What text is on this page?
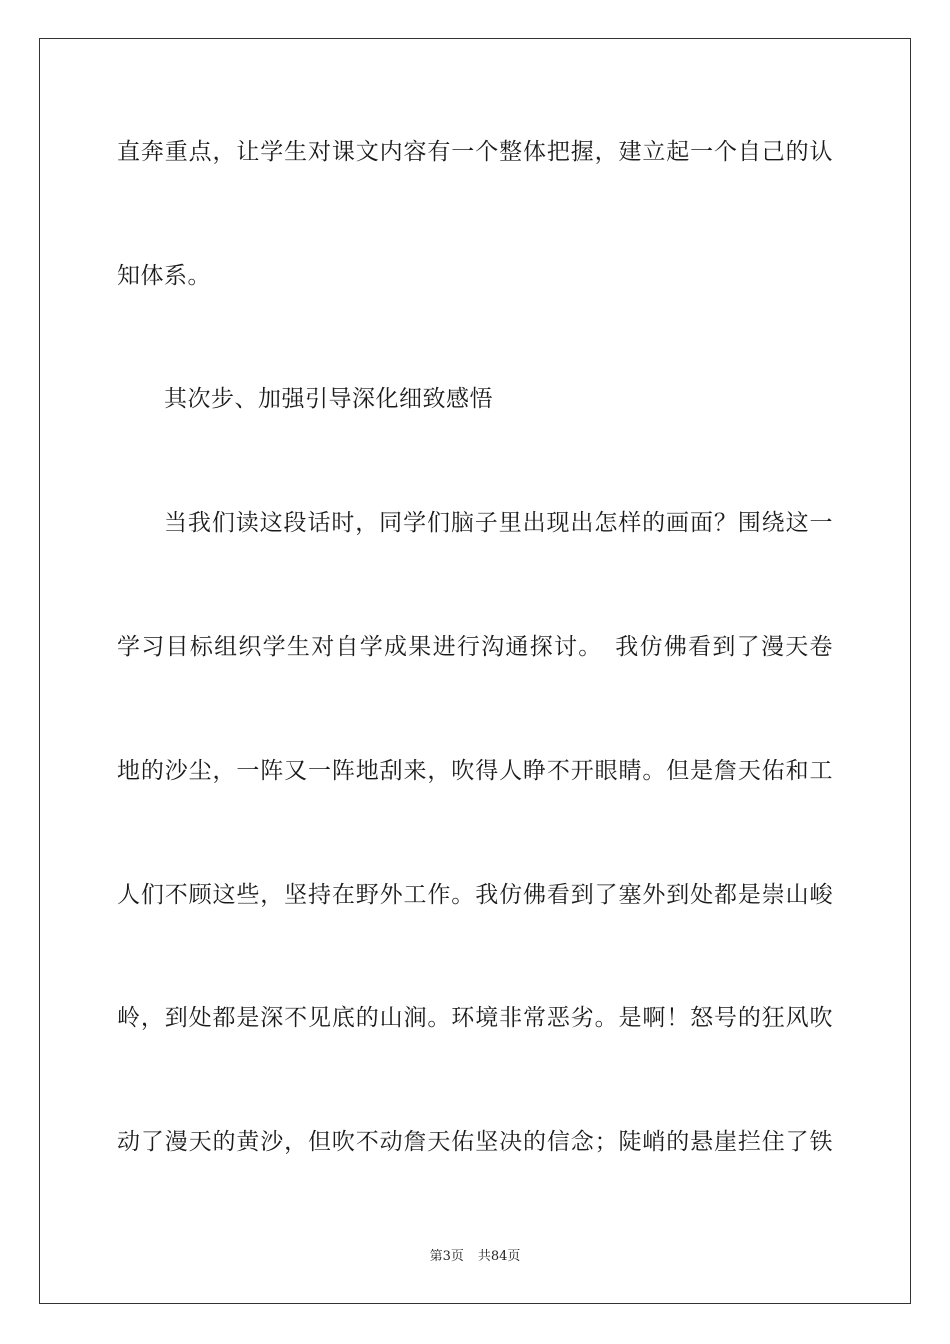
直奔重点，让学生对课文内容有一个整体把握，建立起一个自己的认
知体系。
其次步、加强引导深化细致感悟
当我们读这段话时，同学们脑子里出现出怎样的画面？围绕这一
学习目标组织学生对自学成果进行沟通探讨。　我仿佛看到了漫天卷
地的沙尘，一阵又一阵地刮来，吹得人睁不开眼睛。但是詹天佑和工
人们不顾这些，坚持在野外工作。我仿佛看到了塞外到处都是崇山峻
岭，到处都是深不见底的山涧。环境非常恶劣。是啊！怒号的狂风吹
动了漫天的黄沙，但吹不动詹天佑坚决的信念；陡峭的悬崖拦住了铁
第3页 共84页
